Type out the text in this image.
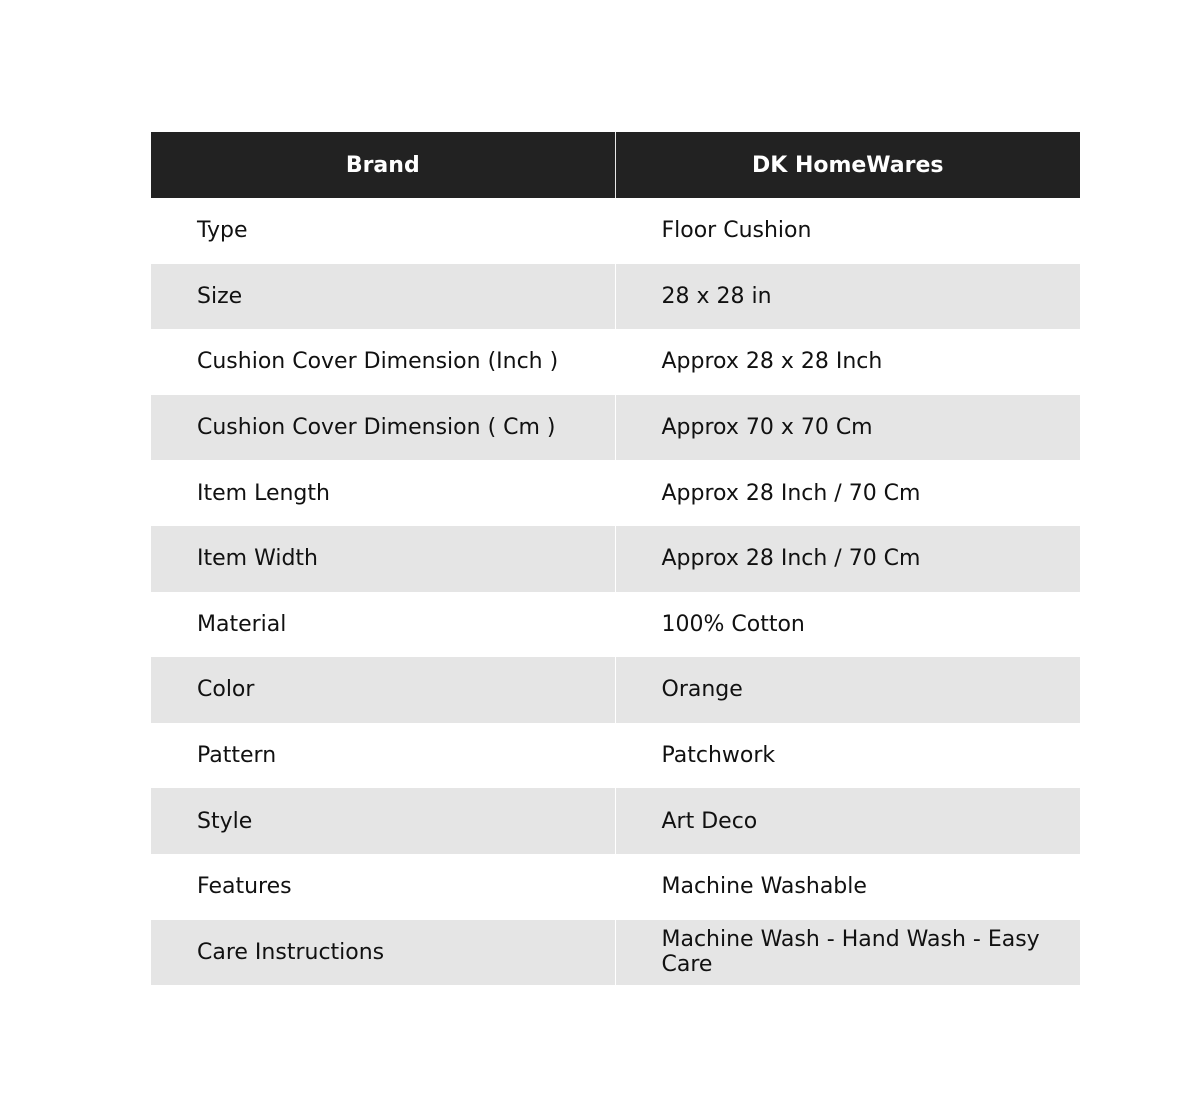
Brand	DK HomeWares
Type	Floor Cushion
Size	28 x 28 in
Cushion Cover Dimension (Inch )	Approx 28 x 28 Inch
Cushion Cover Dimension ( Cm )	Approx 70 x 70 Cm
Item Length	Approx 28 Inch / 70 Cm
Item Width	Approx 28 Inch / 70 Cm
Material	100% Cotton
Color	Orange
Pattern	Patchwork
Style	Art Deco
Features	Machine Washable
Care Instructions	Machine Wash - Hand Wash - Easy Care
